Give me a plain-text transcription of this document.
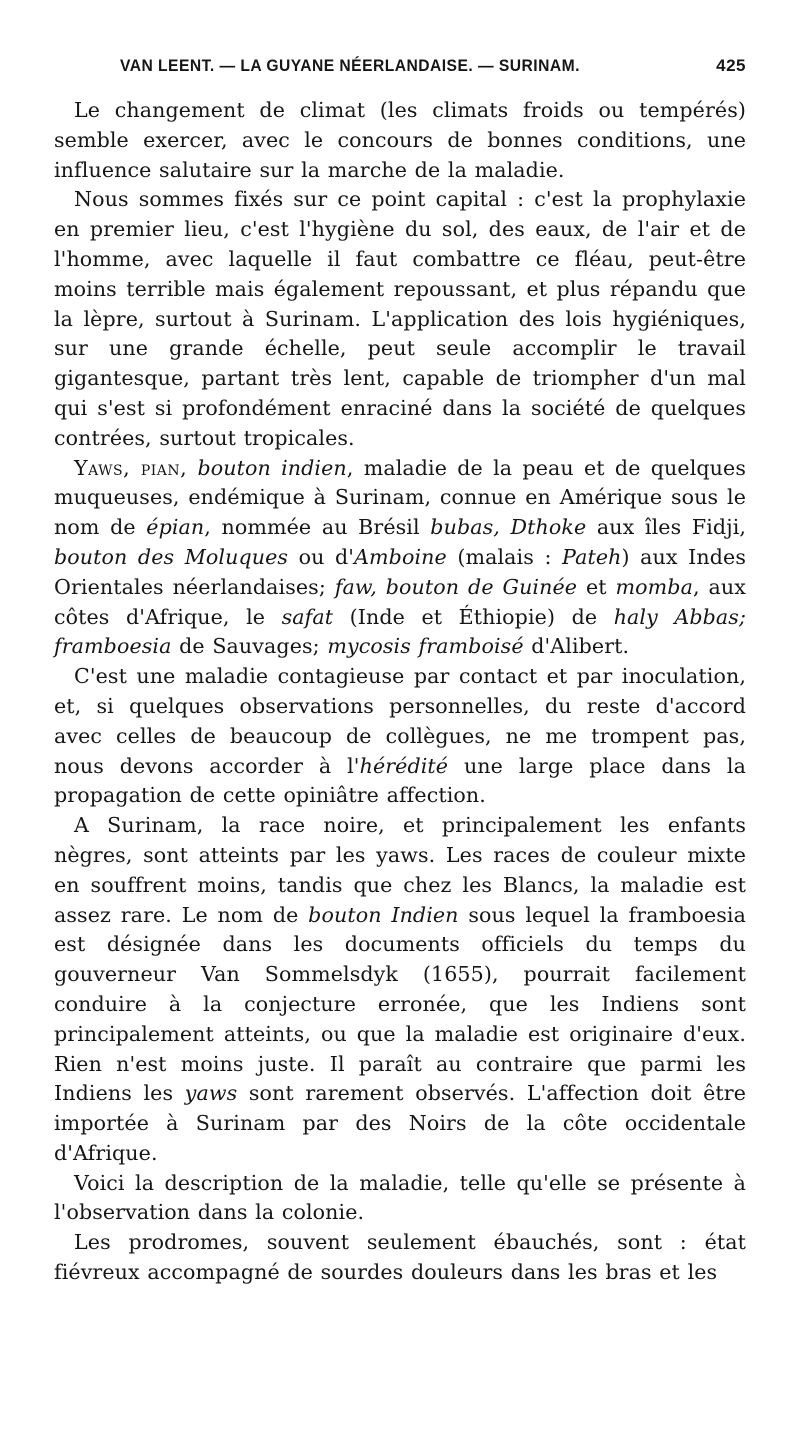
VAN LEENT. — LA GUYANE NÉERLANDAISE. — SURINAM.	425

Le changement de climat (les climats froids ou tempérés) semble exercer, avec le concours de bonnes conditions, une influence salutaire sur la marche de la maladie.

Nous sommes fixés sur ce point capital : c'est la prophylaxie en premier lieu, c'est l'hygiène du sol, des eaux, de l'air et de l'homme, avec laquelle il faut combattre ce fléau, peut-être moins terrible mais également repoussant, et plus répandu que la lèpre, surtout à Surinam. L'application des lois hygiéniques, sur une grande échelle, peut seule accomplir le travail gigantesque, partant très lent, capable de triompher d'un mal qui s'est si profondément enraciné dans la société de quelques contrées, surtout tropicales.

Yaws, pian, bouton indien, maladie de la peau et de quelques muqueuses, endémique à Surinam, connue en Amérique sous le nom de épian, nommée au Brésil bubas, Dthoke aux îles Fidji, bouton des Moluques ou d'Amboine (malais : Pateh) aux Indes Orientales néerlandaises; faw, bouton de Guinée et momba, aux côtes d'Afrique, le safat (Inde et Éthiopie) de haly Abbas; framboesia de Sauvages; mycosis framboisé d'Alibert.

C'est une maladie contagieuse par contact et par inoculation, et, si quelques observations personnelles, du reste d'accord avec celles de beaucoup de collègues, ne me trompent pas, nous devons accorder à l'hérédité une large place dans la propagation de cette opiniâtre affection.

A Surinam, la race noire, et principalement les enfants nègres, sont atteints par les yaws. Les races de couleur mixte en souffrent moins, tandis que chez les Blancs, la maladie est assez rare. Le nom de bouton Indien sous lequel la framboesia est désignée dans les documents officiels du temps du gouverneur Van Sommelsdyk (1655), pourrait facilement conduire à la conjecture erronée, que les Indiens sont principalement atteints, ou que la maladie est originaire d'eux. Rien n'est moins juste. Il paraît au contraire que parmi les Indiens les yaws sont rarement observés. L'affection doit être importée à Surinam par des Noirs de la côte occidentale d'Afrique.

Voici la description de la maladie, telle qu'elle se présente à l'observation dans la colonie.

Les prodromes, souvent seulement ébauchés, sont : état fiévreux accompagné de sourdes douleurs dans les bras et les
